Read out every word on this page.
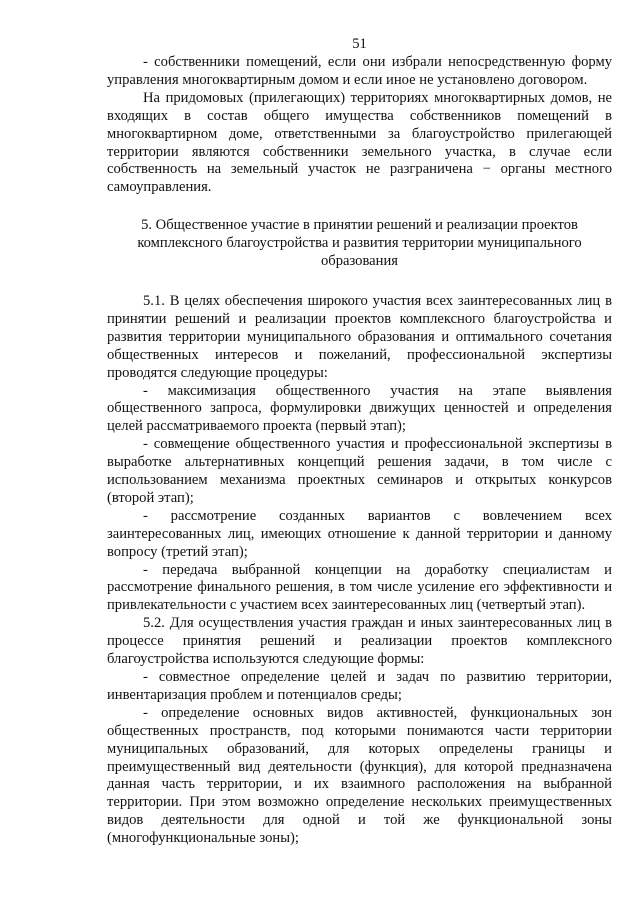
51

- собственники помещений, если они избрали непосредственную форму управления многоквартирным домом и если иное не установлено договором.

На придомовых (прилегающих) территориях многоквартирных домов, не входящих в состав общего имущества собственников помещений в многоквартирном доме, ответственными за благоустройство прилегающей территории являются собственники земельного участка, в случае если собственность на земельный участок не разграничена − органы местного самоуправления.

5. Общественное участие в принятии решений и реализации проектов
комплексного благоустройства и развития территории муниципального
образования

5.1. В целях обеспечения широкого участия всех заинтересованных лиц в принятии решений и реализации проектов комплексного благоустройства и развития территории муниципального образования и оптимального сочетания общественных интересов и пожеланий, профессиональной экспертизы проводятся следующие процедуры:

- максимизация общественного участия на этапе выявления общественного запроса, формулировки движущих ценностей и определения целей рассматриваемого проекта (первый этап);

- совмещение общественного участия и профессиональной экспертизы в выработке альтернативных концепций решения задачи, в том числе с использованием механизма проектных семинаров и открытых конкурсов (второй этап);

- рассмотрение созданных вариантов с вовлечением всех заинтересованных лиц, имеющих отношение к данной территории и данному вопросу (третий этап);

- передача выбранной концепции на доработку специалистам и рассмотрение финального решения, в том числе усиление его эффективности и привлекательности с участием всех заинтересованных лиц (четвертый этап).

5.2. Для осуществления участия граждан и иных заинтересованных лиц в процессе принятия решений и реализации проектов комплексного благоустройства используются следующие формы:

- совместное определение целей и задач по развитию территории, инвентаризация проблем и потенциалов среды;

- определение основных видов активностей, функциональных зон общественных пространств, под которыми понимаются части территории муниципальных образований, для которых определены границы и преимущественный вид деятельности (функция), для которой предназначена данная часть территории, и их взаимного расположения на выбранной территории. При этом возможно определение нескольких преимущественных видов деятельности для одной и той же функциональной зоны (многофункциональные зоны);
